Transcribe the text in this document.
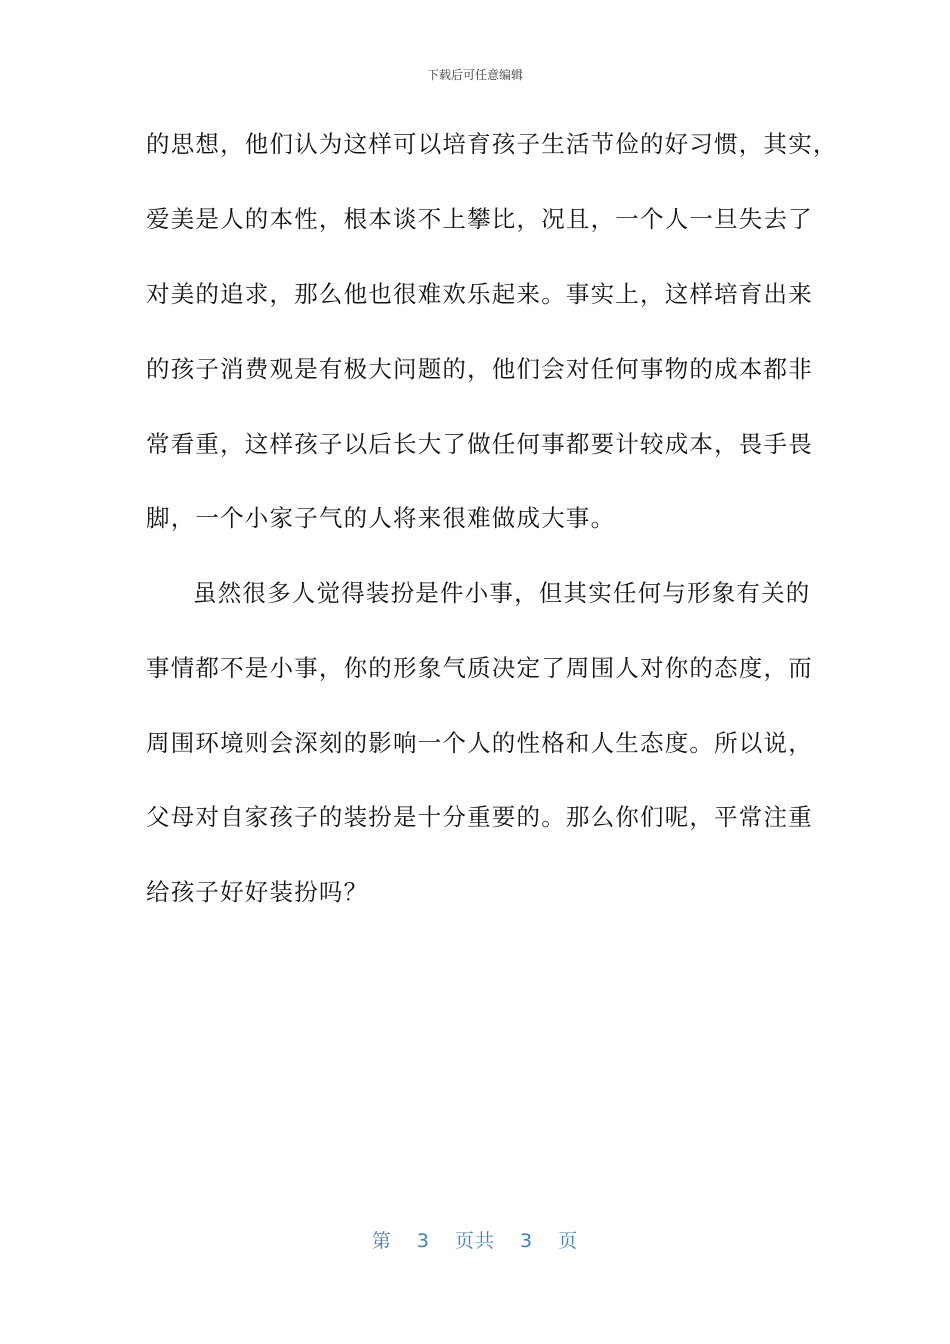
下载后可任意编辑
的思想，他们认为这样可以培育孩子生活节俭的好习惯，其实，
爱美是人的本性，根本谈不上攀比，况且，一个人一旦失去了
对美的追求，那么他也很难欢乐起来。事实上，这样培育出来
的孩子消费观是有极大问题的，他们会对任何事物的成本都非
常看重，这样孩子以后长大了做任何事都要计较成本，畏手畏
脚，一个小家子气的人将来很难做成大事。
虽然很多人觉得装扮是件小事，但其实任何与形象有关的
事情都不是小事，你的形象气质决定了周围人对你的态度，而
周围环境则会深刻的影响一个人的性格和人生态度。所以说，
父母对自家孩子的装扮是十分重要的。那么你们呢，平常注重
给孩子好好装扮吗？
第 3 页共 3 页
